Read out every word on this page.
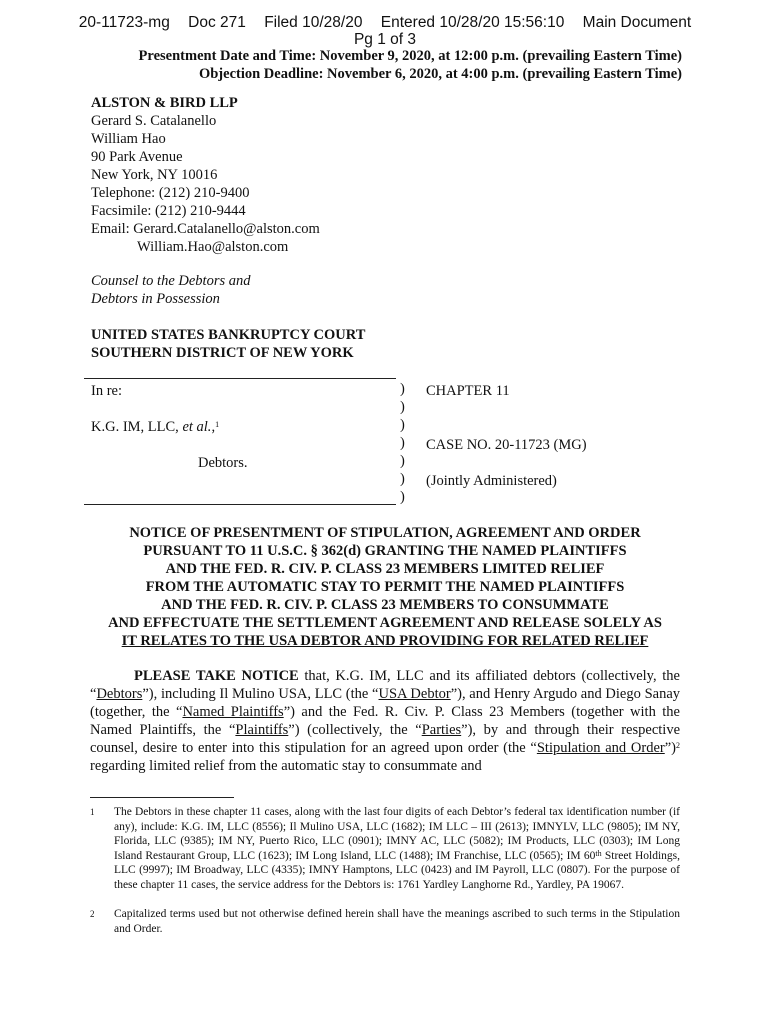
20-11723-mg Doc 271 Filed 10/28/20 Entered 10/28/20 15:56:10 Main Document
Pg 1 of 3
Presentment Date and Time: November 9, 2020, at 12:00 p.m. (prevailing Eastern Time)
Objection Deadline: November 6, 2020, at 4:00 p.m. (prevailing Eastern Time)
ALSTON & BIRD LLP
Gerard S. Catalanello
William Hao
90 Park Avenue
New York, NY 10016
Telephone: (212) 210-9400
Facsimile: (212) 210-9444
Email: Gerard.Catalanello@alston.com
William.Hao@alston.com
Counsel to the Debtors and
Debtors in Possession
UNITED STATES BANKRUPTCY COURT
SOUTHERN DISTRICT OF NEW YORK
In re:
K.G. IM, LLC, et al.,$^1$
Debtors.
)
)
)
)
)
)
)
CHAPTER 11
CASE NO. 20-11723 (MG)
(Jointly Administered)
NOTICE OF PRESENTMENT OF STIPULATION, AGREEMENT AND ORDER
PURSUANT TO 11 U.S.C. § 362(d) GRANTING THE NAMED PLAINTIFFS
AND THE FED. R. CIV. P. CLASS 23 MEMBERS LIMITED RELIEF
FROM THE AUTOMATIC STAY TO PERMIT THE NAMED PLAINTIFFS
AND THE FED. R. CIV. P. CLASS 23 MEMBERS TO CONSUMMATE
AND EFFECTUATE THE SETTLEMENT AGREEMENT AND RELEASE SOLELY AS
IT RELATES TO THE USA DEBTOR AND PROVIDING FOR RELATED RELIEF
PLEASE TAKE NOTICE that, K.G. IM, LLC and its affiliated debtors (collectively, the “Debtors”), including Il Mulino USA, LLC (the “USA Debtor”), and Henry Argudo and Diego Sanay (together, the “Named Plaintiffs”) and the Fed. R. Civ. P. Class 23 Members (together with the Named Plaintiffs, the “Plaintiffs”) (collectively, the “Parties”), by and through their respective counsel, desire to enter into this stipulation for an agreed upon order (the “Stipulation and Order”)$^2$ regarding limited relief from the automatic stay to consummate and
1 The Debtors in these chapter 11 cases, along with the last four digits of each Debtor’s federal tax identification number (if any), include: K.G. IM, LLC (8556); Il Mulino USA, LLC (1682); IM LLC – III (2613); IMNYLV, LLC (9805); IM NY, Florida, LLC (9385); IM NY, Puerto Rico, LLC (0901); IMNY AC, LLC (5082); IM Products, LLC (0303); IM Long Island Restaurant Group, LLC (1623); IM Long Island, LLC (1488); IM Franchise, LLC (0565); IM 60th Street Holdings, LLC (9997); IM Broadway, LLC (4335); IMNY Hamptons, LLC (0423) and IM Payroll, LLC (0807). For the purpose of these chapter 11 cases, the service address for the Debtors is: 1761 Yardley Langhorne Rd., Yardley, PA 19067.
2 Capitalized terms used but not otherwise defined herein shall have the meanings ascribed to such terms in the Stipulation and Order.
